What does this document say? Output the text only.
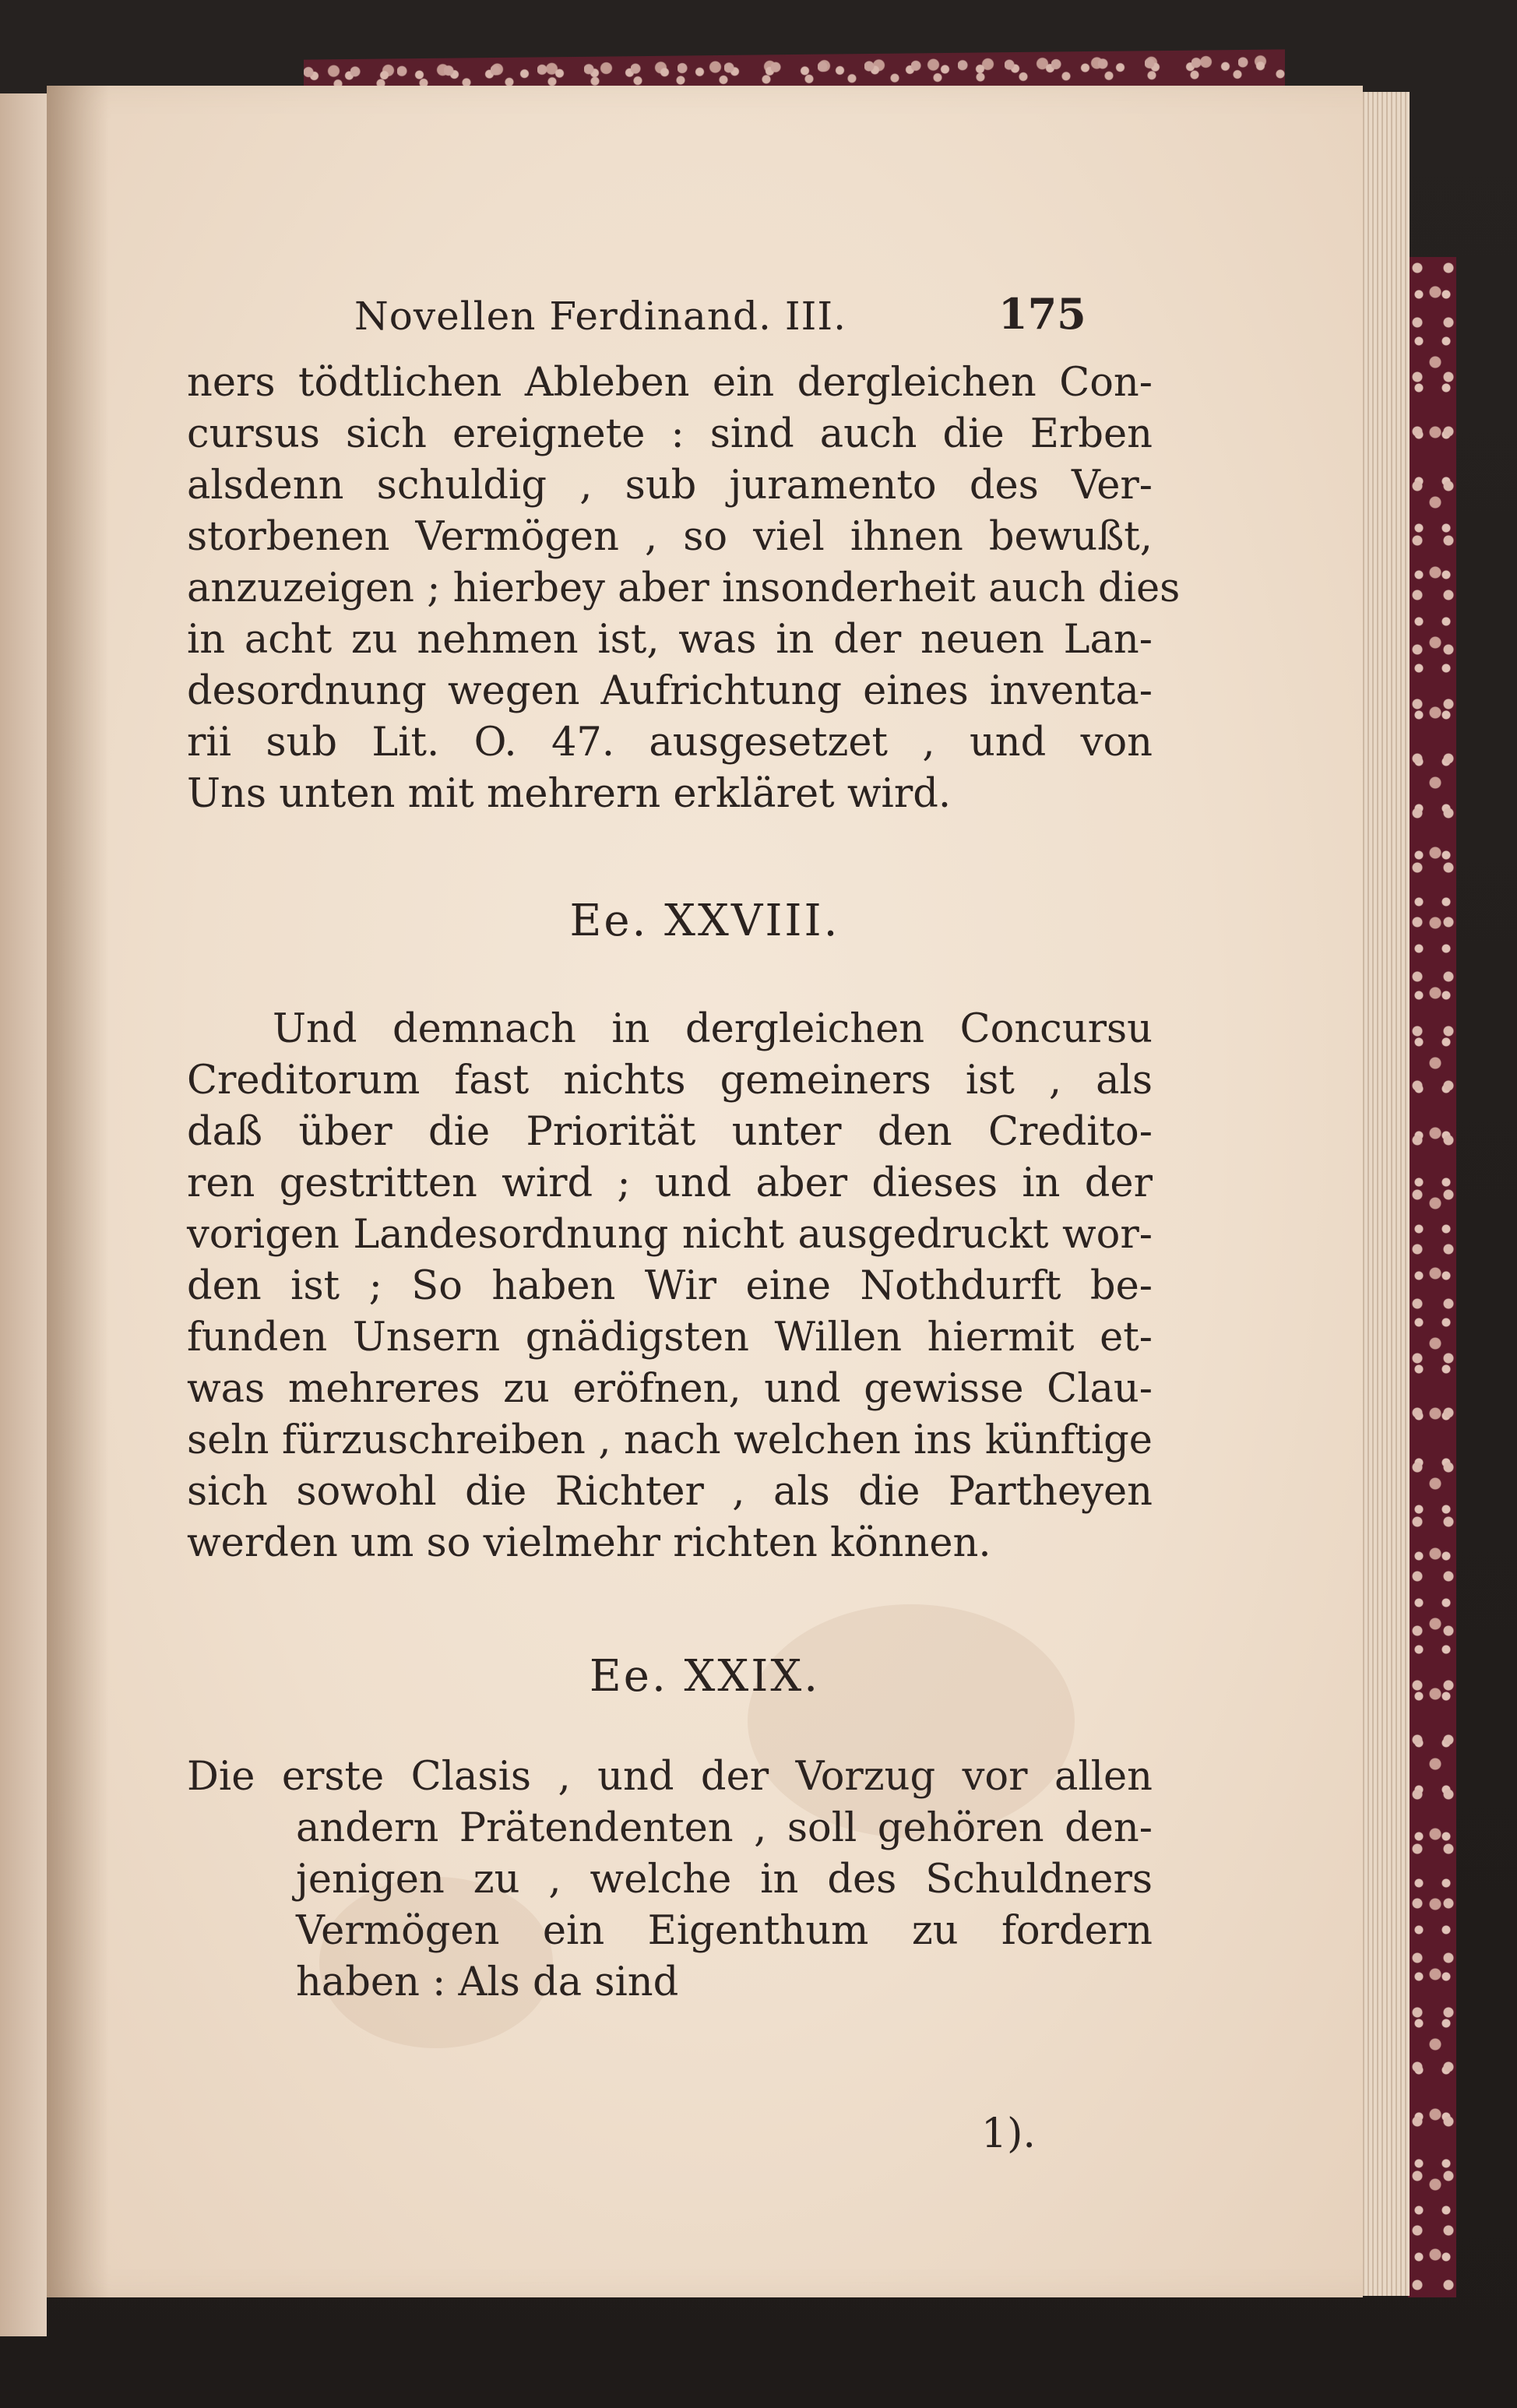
Novellen Ferdinand. III.	175
ners tödtlichen Ableben ein dergleichen Con-
cursus sich ereignete : sind auch die Erben
alsdenn schuldig , sub juramento des Ver-
storbenen Vermögen , so viel ihnen bewußt,
anzuzeigen ; hierbey aber insonderheit auch dies
in acht zu nehmen ist, was in der neuen Lan-
desordnung wegen Aufrichtung eines inventa-
rii sub Lit. O. 47. ausgesetzet , und von
Uns unten mit mehrern erkläret wird.
Ee. XXVIII.
Und demnach in dergleichen Concursu
Creditorum fast nichts gemeiners ist , als
daß über die Priorität unter den Credito-
ren gestritten wird ; und aber dieses in der
vorigen Landesordnung nicht ausgedruckt wor-
den ist ; So haben Wir eine Nothdurft be-
funden Unsern gnädigsten Willen hiermit et-
was mehreres zu eröfnen, und gewisse Clau-
seln fürzuschreiben , nach welchen ins künftige
sich sowohl die Richter , als die Partheyen
werden um so vielmehr richten können.
Ee. XXIX.
Die erste Clasis , und der Vorzug vor allen
andern Prätendenten , soll gehören den-
jenigen zu , welche in des Schuldners
Vermögen ein Eigenthum zu fordern
haben : Als da sind
1).
